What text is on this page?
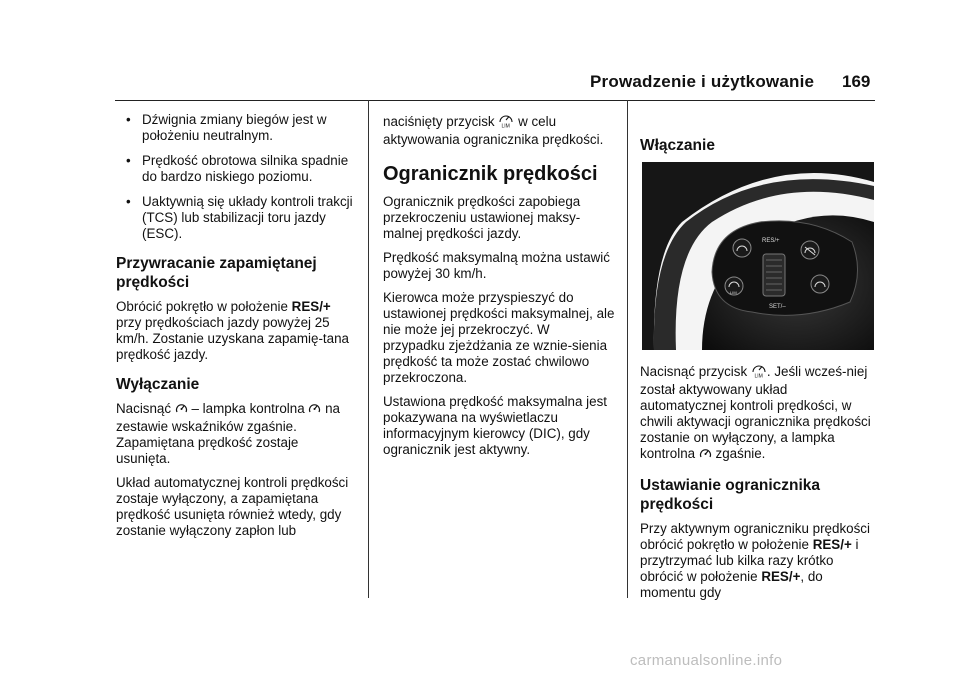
Prowadzenie i użytkowanie 169
• Dźwignia zmiany biegów jest w położeniu neutralnym.
• Prędkość obrotowa silnika spadnie do bardzo niskiego poziomu.
• Uaktywnią się układy kontroli trakcji (TCS) lub stabilizacji toru jazdy (ESC).
Przywracanie zapamiętanej prędkości

Obrócić pokrętło w położenie RES/+ przy prędkościach jazdy powyżej 25 km/h. Zostanie uzyskana zapamię-tana prędkość jazdy.

Wyłączanie

Nacisnąć  – lampka kontrolna  na zestawie wskaźników zgaśnie. Zapamiętana prędkość zostaje usunięta.

Układ automatycznej kontroli prędkości zostaje wyłączony, a zapamiętana prędkość usunięta również wtedy, gdy zostanie wyłączony zapłon lub

naciśnięty przycisk LIM w celu aktywowania ogranicznika prędkości.

Ogranicznik prędkości

Ogranicznik prędkości zapobiega przekroczeniu ustawionej maksy-malnej prędkości jazdy.

Prędkość maksymalną można ustawić powyżej 30 km/h.

Kierowca może przyspieszyć do ustawionej prędkości maksymalnej, ale nie może jej przekroczyć. W przypadku zjeżdżania ze wznie-sienia prędkość ta może zostać chwilowo przekroczona.

Ustawiona prędkość maksymalna jest pokazywana na wyświetlaczu informacyjnym kierowcy (DIC), gdy ogranicznik jest aktywny.

Włączanie
RES/+
SET/–
LIM

Nacisnąć przycisk LIM . Jeśli wcześ-niej został aktywowany układ automatycznej kontroli prędkości, w chwili aktywacji ogranicznika prędkości zostanie on wyłączony, a lampka kontrolna  zgaśnie.

Ustawianie ogranicznika prędkości

Przy aktywnym ograniczniku prędkości obrócić pokrętło w położenie RES/+ i przytrzymać lub kilka razy krótko obrócić w położenie RES/+, do momentu gdy

carmanualsonline.info
